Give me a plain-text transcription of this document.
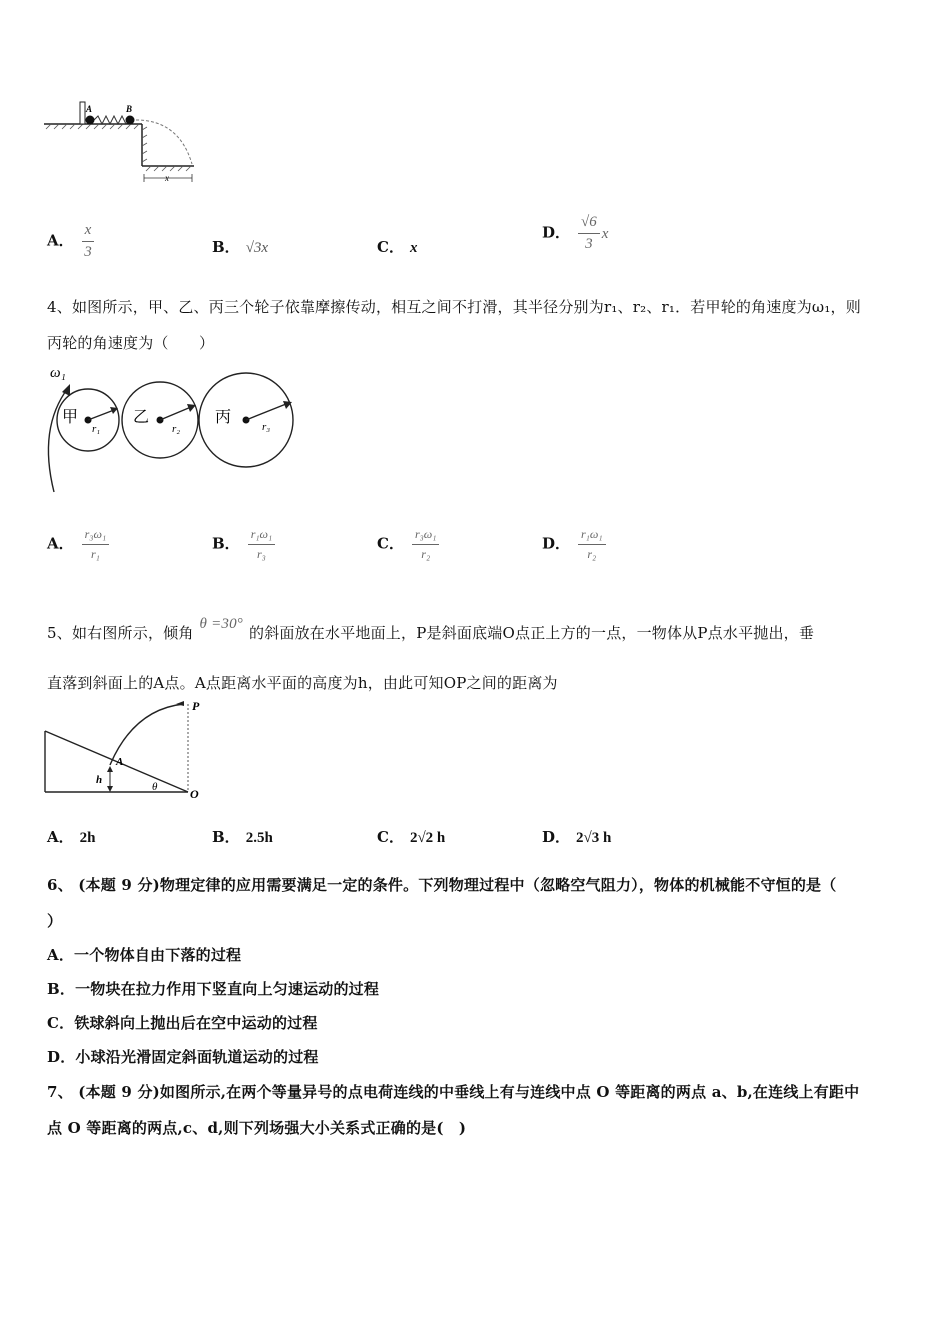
A	B
x
A． $\frac{x}{3}$	B． √3x	C． x
D． $\frac{√6}{3}$ x
4、如图所示，甲、乙、丙三个轮子依靠摩擦传动，相互之间不打滑，其半径分别为r₁、r₂、r₁．若甲轮的角速度为ω₁，则
丙轮的角速度为（　　）
ω₁
甲
r₁
乙
r₂
丙
r₃
A． $\frac{\text{r₃ω₁}}{\text{r₁}}$	B． $\frac{\text{r₁ω₁}}{\text{r₃}}$	C． $\frac{\text{r₃ω₁}}{\text{r₂}}$	D． $\frac{\text{r₁ω₁}}{\text{r₂}}$
5、如右图所示，倾角 θ =30° 的斜面放在水平地面上，P是斜面底端O点正上方的一点，一物体从P点水平抛出，垂
直落到斜面上的A点。A点距离水平面的高度为h，由此可知OP之间的距离为
P
A
h
θ	O
A． 2h	B． 2.5h	C． 2√2 h	D． 2√3 h
6、 (本题 9 分)物理定律的应用需要满足一定的条件。下列物理过程中（忽略空气阻力），物体的机械能不守恒的是（
）
A．一个物体自由下落的过程
B．一物块在拉力作用下竖直向上匀速运动的过程
C．铁球斜向上抛出后在空中运动的过程
D．小球沿光滑固定斜面轨道运动的过程
7、 (本题 9 分)如图所示,在两个等量异号的点电荷连线的中垂线上有与连线中点 O 等距离的两点 a、b,在连线上有距中
点 O 等距离的两点,c、d,则下列场强大小关系式正确的是(　)
